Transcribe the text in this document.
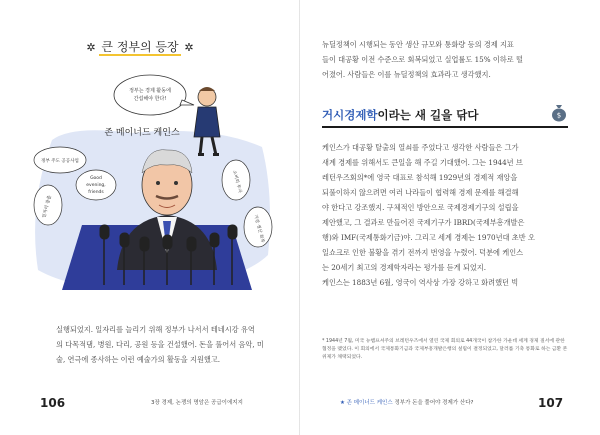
✲ 큰 정부의 등장 ✲
정부는 경제 활동에
간섭해야 한다!
존 메이너드 케인스
정부 주도 공공사업
일자리 창출
Good
evening,
friends	소비와 투자
가장 생산 회복

실행되었지. 일자리를 늘리기 위해 정부가 나서서 테네시강 유역

의 다목적댐, 병원, 다리, 공원 등을 건설했어. 돈을 풀어서 음악, 미

술, 연극에 종사하는 이런 예술가의 활동을 지원했고.

106	3장 경제, 논쟁의 명암은 공급이에지지

뉴딜정책이 시행되는 동안 생산 규모와 통화량 등의 경제 지표

들이 대공황 이전 수준으로 회복되었고 실업률도 15% 이하로 떨

어졌어. 사람들은 이를 뉴딜정책의 효과라고 생각했지.

거시경제학이라는 새 길을 닦다	$

케인스가 대공황 탈출의 열쇠를 주었다고 생각한 사람들은 그가

새계 경제를 위해서도 큰일을 해 주길 기대했어. 그는 1944년 브

레턴우즈회의*에 영국 대표로 참석해 1929년의 경제적 재앙을

되풀이하지 않으려면 여러 나라들이 협력해 경제 문제를 해결해

야 한다고 강조했지. 구체적인 방안으로 국제경제기구의 설립을

제안했고, 그 결과로 만들어진 국제기구가 IBRD(국제부흥개발은

행)와 IMF(국제통화기금)야. 그리고 세계 경제는 1970년대 초반 오

일쇼크로 인한 불황을 겪기 전까지 번영을 누렸어. 덕분에 케인스

는 20세기 최고의 경제학자라는 평가를 듣게 되었지.

케인스는 1883년 6월, 영국이 역사상 가장 강하고 화려했던 빅

* 1944년 7월, 미국 뉴햄프셔주의 브레턴우즈에서 열린 국제 회의로 44개국이 참가한 가운데 세계 경제 질서에 관한 협정을 맺었다. 이 회의에서 국제통화기금과 국제부흥개발은행의 설립이 결정되었고, 달러를 기축 통화로 하는 금환 본위제가 채택되었다.
★ 존 메이너드 케인스 정부가 돈을 풀어야 경제가 산다?	107
